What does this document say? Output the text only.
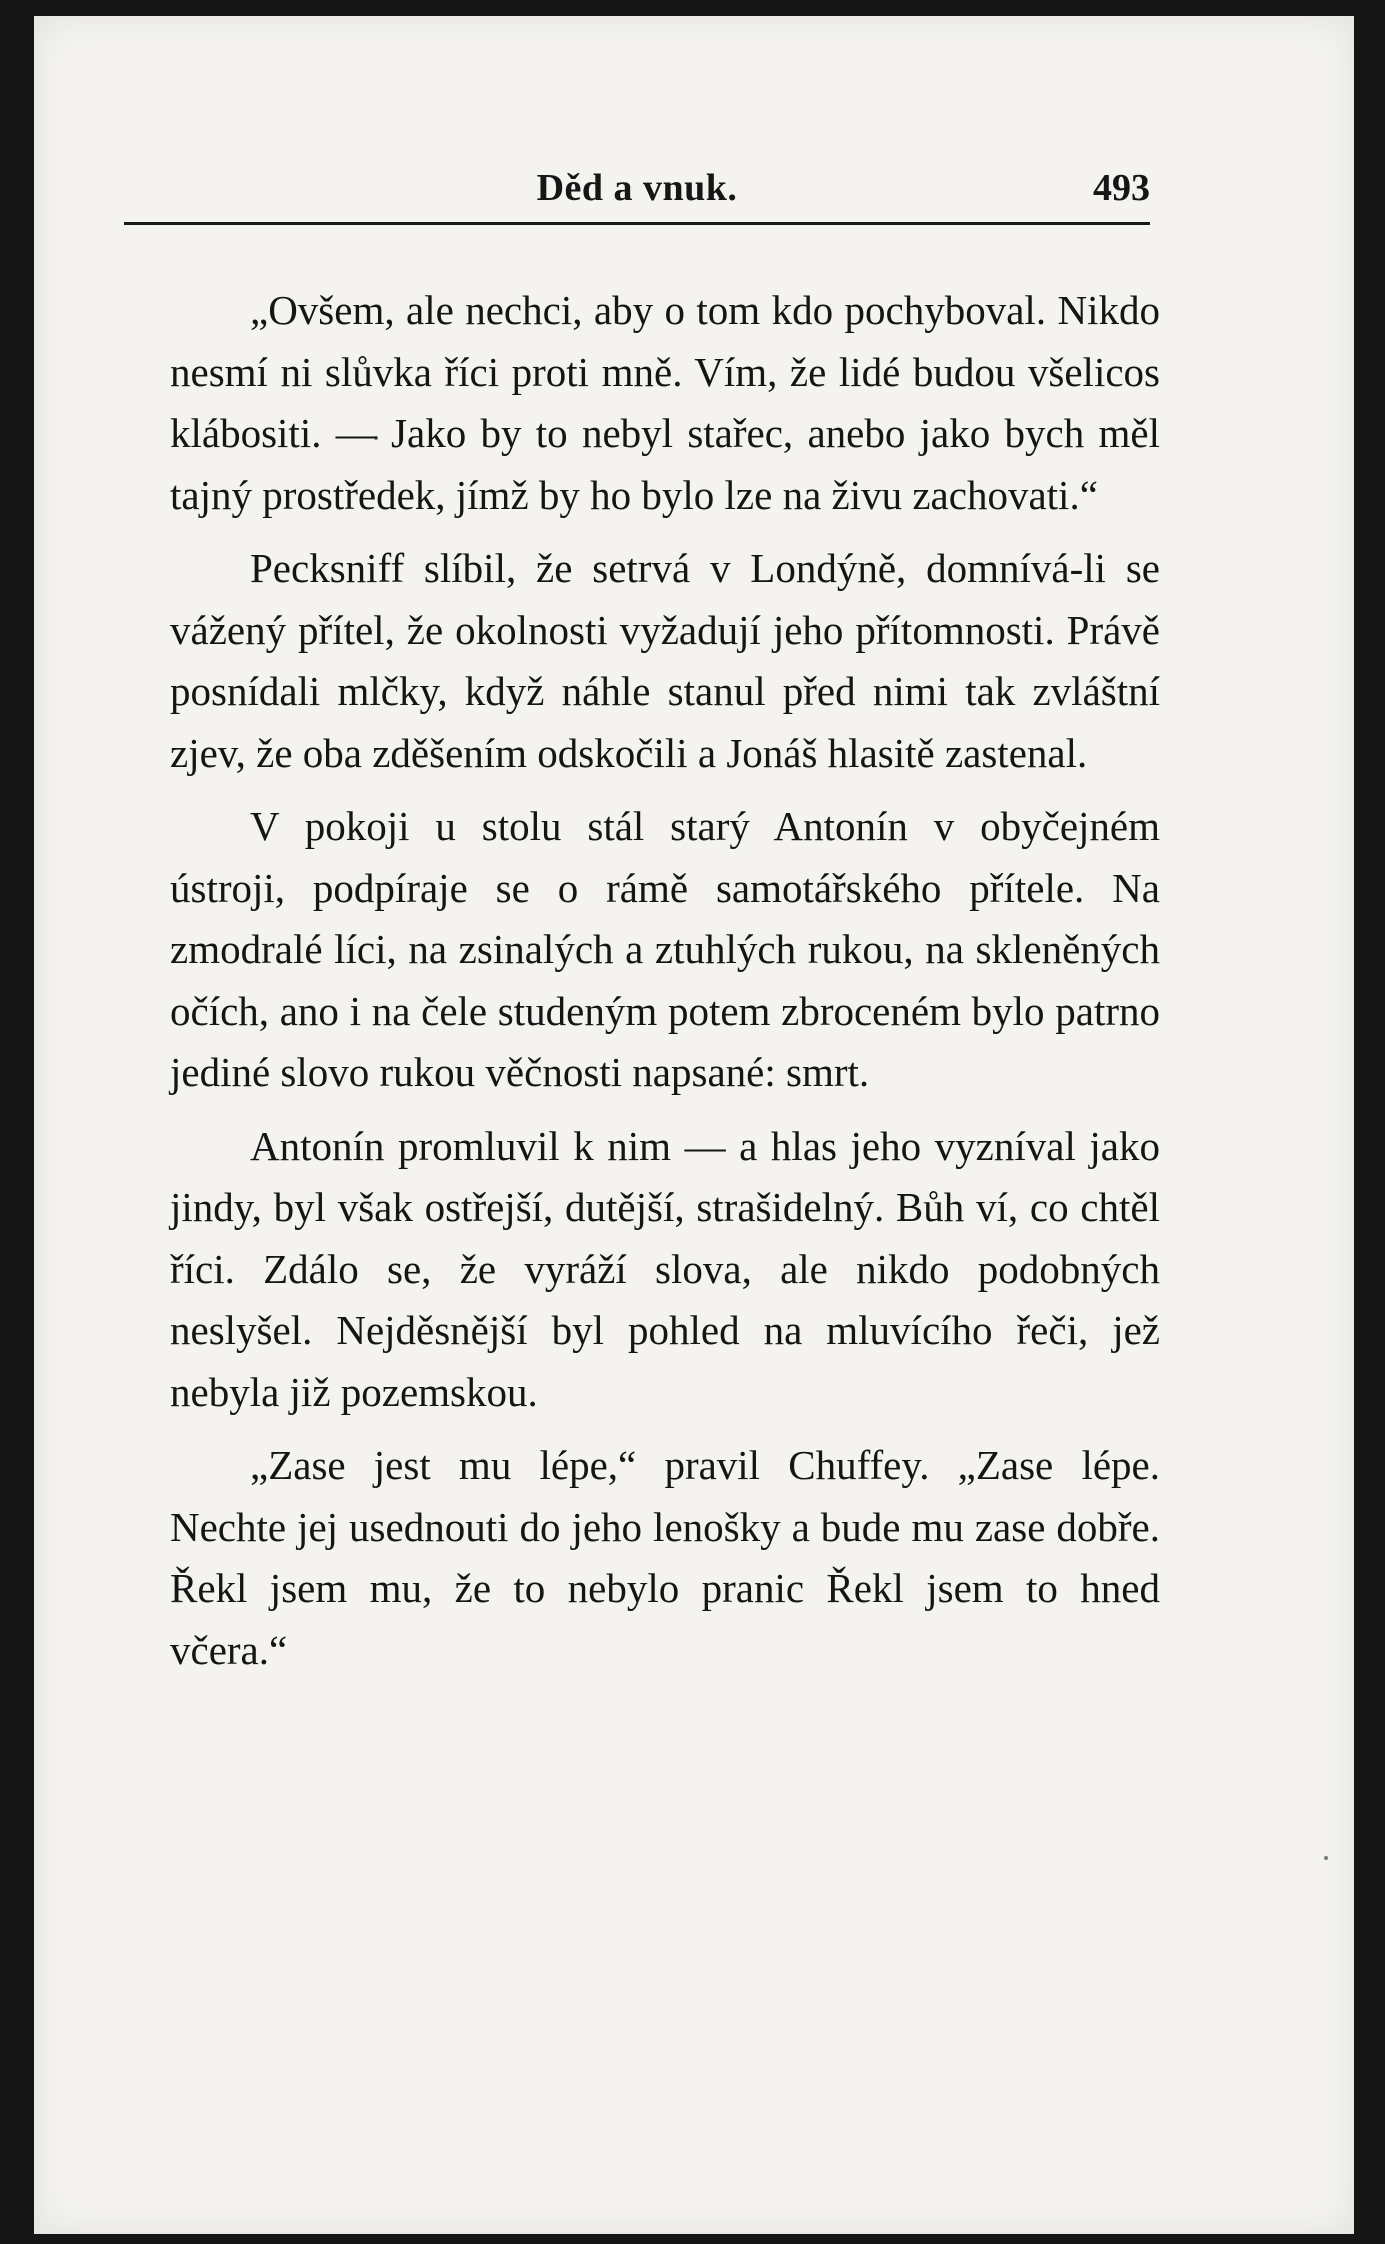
Děd a vnuk.	493

„Ovšem, ale nechci, aby o tom kdo pochyboval. Nikdo nesmí ni slůvka říci proti mně. Vím, že lidé budou všelicos klábositi. — Jako by to nebyl stařec, anebo jako bych měl tajný prostředek, jímž by ho bylo lze na živu zachovati.“

Pecksniff slíbil, že setrvá v Londýně, domnívá-li se vážený přítel, že okolnosti vyžadují jeho přítomnosti. Právě posnídali mlčky, když náhle stanul před nimi tak zvláštní zjev, že oba zděšením odskočili a Jonáš hlasitě zastenal.

V pokoji u stolu stál starý Antonín v obyčejném ústroji, podpíraje se o rámě samotářského přítele. Na zmodralé líci, na zsinalých a ztuhlých rukou, na skleněných očích, ano i na čele studeným potem zbroceném bylo patrno jediné slovo rukou věčnosti napsané: smrt.

Antonín promluvil k nim — a hlas jeho vyzníval jako jindy, byl však ostřejší, dutější, strašidelný. Bůh ví, co chtěl říci. Zdálo se, že vyráží slova, ale nikdo podobných neslyšel. Nejděsnější byl pohled na mluvícího řeči, jež nebyla již pozemskou.

„Zase jest mu lépe,“ pravil Chuffey. „Zase lépe. Nechte jej usednouti do jeho lenošky a bude mu zase dobře. Řekl jsem mu, že to nebylo pranic Řekl jsem to hned včera.“
